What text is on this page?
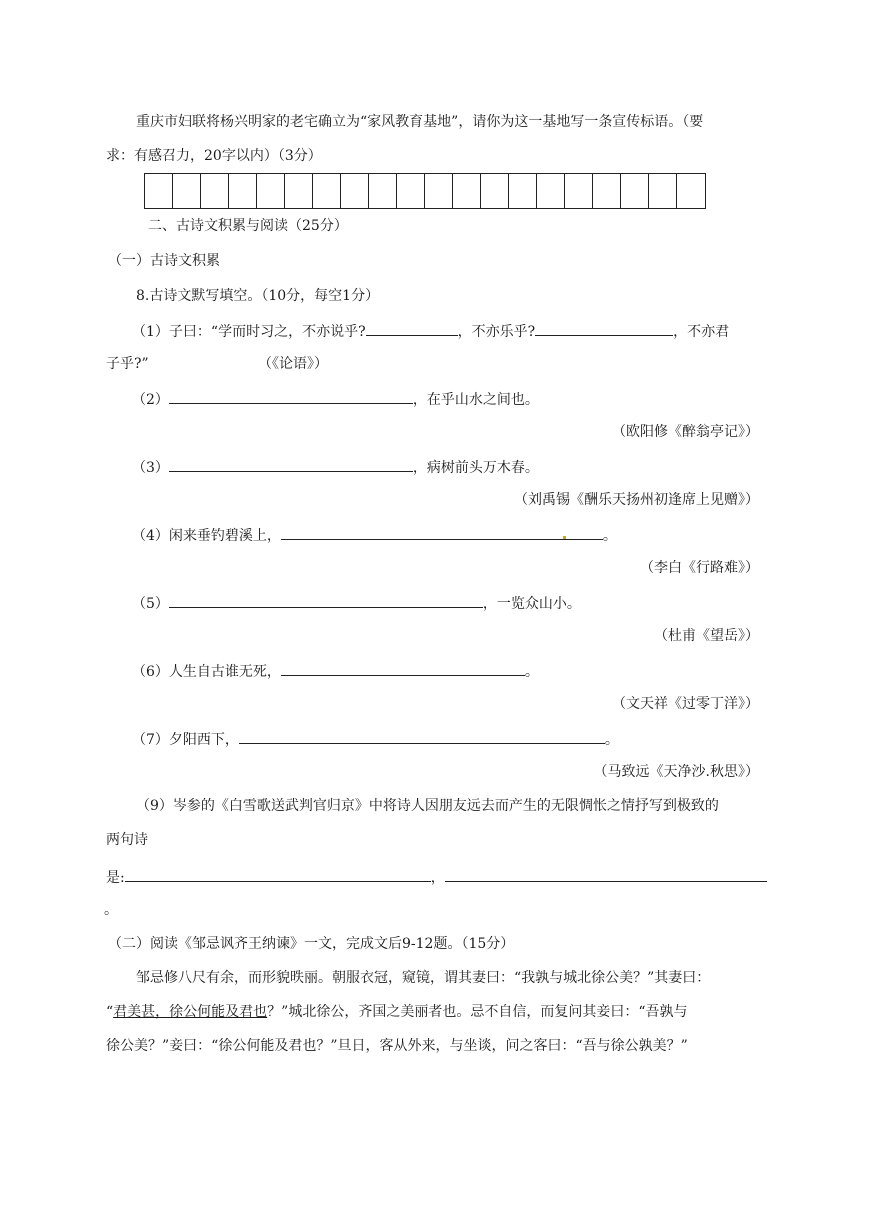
重庆市妇联将杨兴明家的老宅确立为“家风教育基地”，请你为这一基地写一条宣传标语。（要
求：有感召力，20字以内）（3分）
二、古诗文积累与阅读（25分）
（一）古诗文积累
8.古诗文默写填空。（10分，每空1分）
（1）子曰：“学而时习之，不亦说乎?	，不亦乐乎?	，不亦君
子乎?”	（《论语》）
（2）	，在乎山水之间也。
（欧阳修《醉翁亭记》）
（3）	，病树前头万木春。
（刘禹锡《酬乐天扬州初逢席上见赠》）
（4）闲来垂钓碧溪上，	。
（李白《行路难》）
（5）	，一览众山小。
（杜甫《望岳》）
（6）人生自古谁无死，	。
（文天祥《过零丁洋》）
（7）夕阳西下，	。
（马致远《天净沙.秋思》）
（9）岑参的《白雪歌送武判官归京》中将诗人因朋友远去而产生的无限惆怅之情抒写到极致的
两句诗
是:	，
。
（二）阅读《邹忌讽齐王纳谏》一文，完成文后9-12题。（15分）
邹忌修八尺有余，而形貌昳丽。朝服衣冠，窥镜，谓其妻曰：“我孰与城北徐公美？”其妻曰：
“君美甚，徐公何能及君也？”城北徐公，齐国之美丽者也。忌不自信，而复问其妾曰：“吾孰与
徐公美？”妾曰：“徐公何能及君也？”旦日，客从外来，与坐谈，问之客曰：“吾与徐公孰美？”
